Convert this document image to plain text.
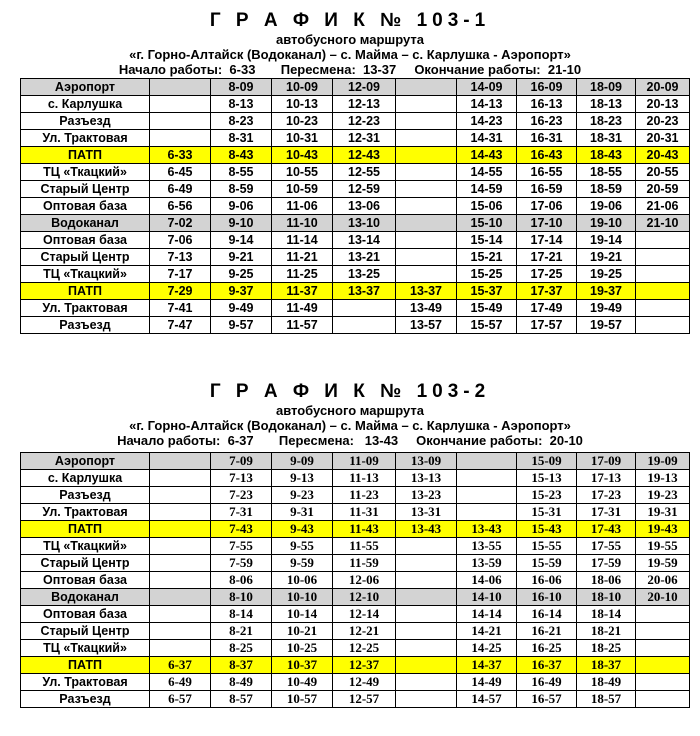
Г Р А Ф И К № 103-1

автобусного маршрута

«г. Горно-Алтайск (Водоканал) – с. Майма – с. Карлушка - Аэропорт»

Начало работы:  6-33       Пересмена:  13-37     Окончание работы:  21-10

Аэропорт		8-09	10-09	12-09		14-09	16-09	18-09	20-09
с. Карлушка		8-13	10-13	12-13		14-13	16-13	18-13	20-13
Разъезд		8-23	10-23	12-23		14-23	16-23	18-23	20-23
Ул. Трактовая		8-31	10-31	12-31		14-31	16-31	18-31	20-31
ПАТП	6-33	8-43	10-43	12-43		14-43	16-43	18-43	20-43
ТЦ «Ткацкий»	6-45	8-55	10-55	12-55		14-55	16-55	18-55	20-55
Старый Центр	6-49	8-59	10-59	12-59		14-59	16-59	18-59	20-59
Оптовая база	6-56	9-06	11-06	13-06		15-06	17-06	19-06	21-06
Водоканал	7-02	9-10	11-10	13-10		15-10	17-10	19-10	21-10
Оптовая база	7-06	9-14	11-14	13-14		15-14	17-14	19-14	
Старый Центр	7-13	9-21	11-21	13-21		15-21	17-21	19-21	
ТЦ «Ткацкий»	7-17	9-25	11-25	13-25		15-25	17-25	19-25	
ПАТП	7-29	9-37	11-37	13-37	13-37	15-37	17-37	19-37	
Ул. Трактовая	7-41	9-49	11-49		13-49	15-49	17-49	19-49	
Разъезд	7-47	9-57	11-57		13-57	15-57	17-57	19-57	

Г Р А Ф И К № 103-2

автобусного маршрута

«г. Горно-Алтайск (Водоканал) – с. Майма – с. Карлушка - Аэропорт»

Начало работы:  6-37       Пересмена:   13-43     Окончание работы:  20-10

Аэропорт		7-09	9-09	11-09	13-09		15-09	17-09	19-09
с. Карлушка		7-13	9-13	11-13	13-13		15-13	17-13	19-13
Разъезд		7-23	9-23	11-23	13-23		15-23	17-23	19-23
Ул. Трактовая		7-31	9-31	11-31	13-31		15-31	17-31	19-31
ПАТП		7-43	9-43	11-43	13-43	13-43	15-43	17-43	19-43
ТЦ «Ткацкий»		7-55	9-55	11-55		13-55	15-55	17-55	19-55
Старый Центр		7-59	9-59	11-59		13-59	15-59	17-59	19-59
Оптовая база		8-06	10-06	12-06		14-06	16-06	18-06	20-06
Водоканал		8-10	10-10	12-10		14-10	16-10	18-10	20-10
Оптовая база		8-14	10-14	12-14		14-14	16-14	18-14	
Старый Центр		8-21	10-21	12-21		14-21	16-21	18-21	
ТЦ «Ткацкий»		8-25	10-25	12-25		14-25	16-25	18-25	
ПАТП	6-37	8-37	10-37	12-37		14-37	16-37	18-37	
Ул. Трактовая	6-49	8-49	10-49	12-49		14-49	16-49	18-49	
Разъезд	6-57	8-57	10-57	12-57		14-57	16-57	18-57	
